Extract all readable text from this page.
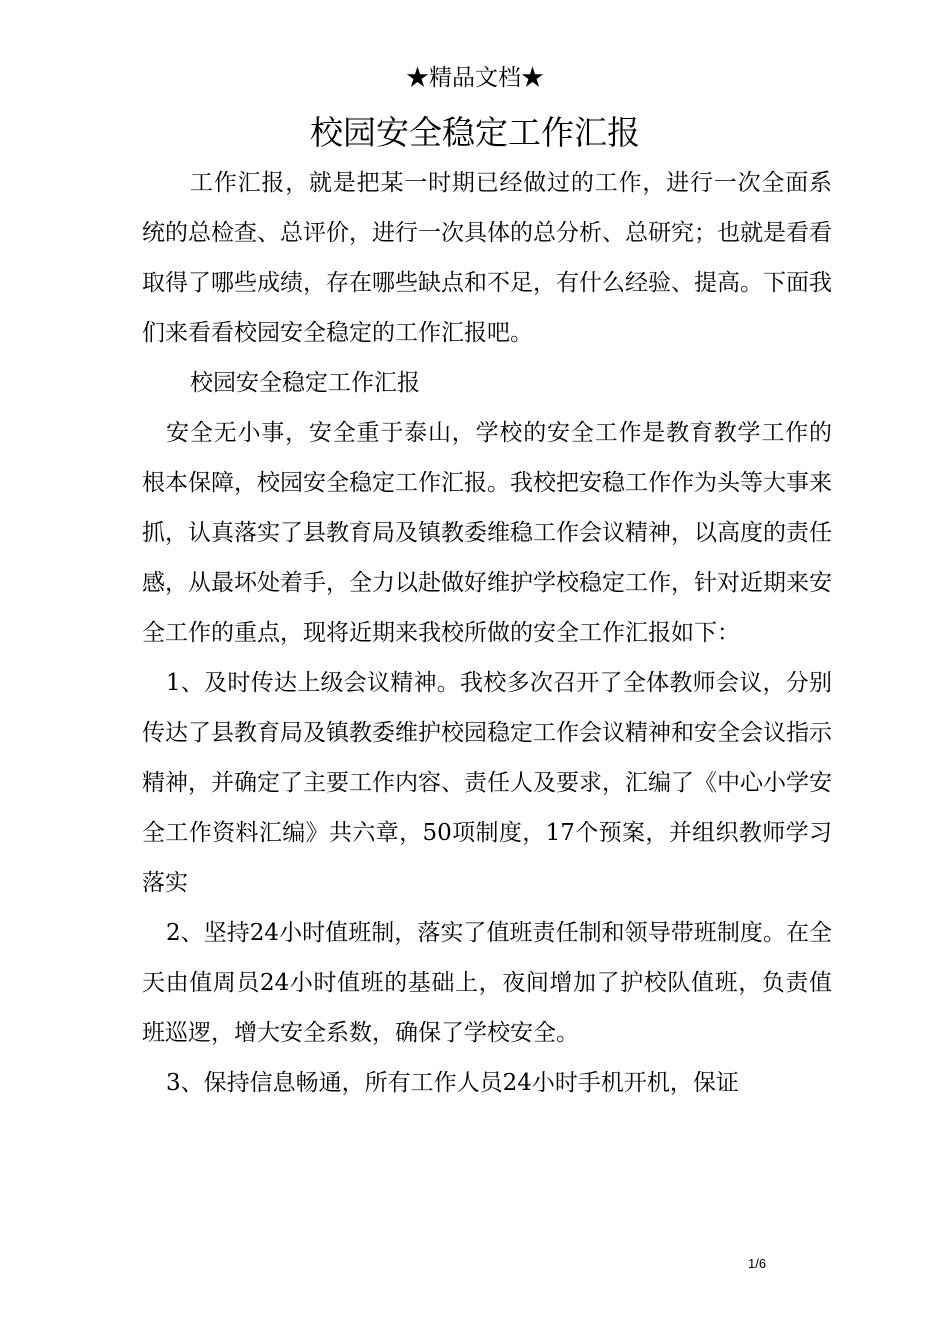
★精品文档★
校园安全稳定工作汇报

工作汇报，就是把某一时期已经做过的工作，进行一次全面系统的总检查、总评价，进行一次具体的总分析、总研究；也就是看看取得了哪些成绩，存在哪些缺点和不足，有什么经验、提高。下面我们来看看校园安全稳定的工作汇报吧。

校园安全稳定工作汇报

安全无小事，安全重于泰山，学校的安全工作是教育教学工作的根本保障，校园安全稳定工作汇报。我校把安稳工作作为头等大事来抓，认真落实了县教育局及镇教委维稳工作会议精神，以高度的责任感，从最坏处着手，全力以赴做好维护学校稳定工作，针对近期来安全工作的重点，现将近期来我校所做的安全工作汇报如下：

1、及时传达上级会议精神。我校多次召开了全体教师会议，分别传达了县教育局及镇教委维护校园稳定工作会议精神和安全会议指示精神，并确定了主要工作内容、责任人及要求，汇编了《中心小学安全工作资料汇编》共六章，50项制度，17个预案，并组织教师学习落实

2、坚持24小时值班制，落实了值班责任制和领导带班制度。在全天由值周员24小时值班的基础上，夜间增加了护校队值班，负责值班巡逻，增大安全系数，确保了学校安全。

3、保持信息畅通，所有工作人员24小时手机开机，保证

1/6
